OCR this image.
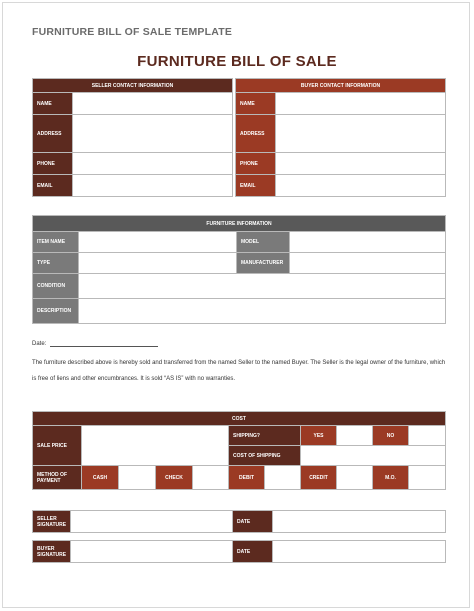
FURNITURE BILL OF SALE TEMPLATE
FURNITURE BILL OF SALE
SELLER CONTACT INFORMATION	
NAME	
ADDRESS	
PHONE	
EMAIL	
BUYER CONTACT INFORMATION	
NAME	
ADDRESS	
PHONE	
EMAIL	
FURNITURE INFORMATION			
ITEM NAME		MODEL	
TYPE		MANUFACTURER	
CONDITION			
DESCRIPTION			
Date:
The furniture described above is hereby sold and transferred from the named Seller to the named Buyer. The Seller is the legal owner of the furniture, which is free of liens and other encumbrances. It is sold “AS IS” with no warranties.
COST										
SALE PRICE					SHIPPING?		YES		NO	
					COST OF SHIPPING					
METHOD OF PAYMENT	CASH		CHECK		DEBIT		CREDIT		M.O.	
SELLER SIGNATURE		DATE	
BUYER SIGNATURE		DATE	
